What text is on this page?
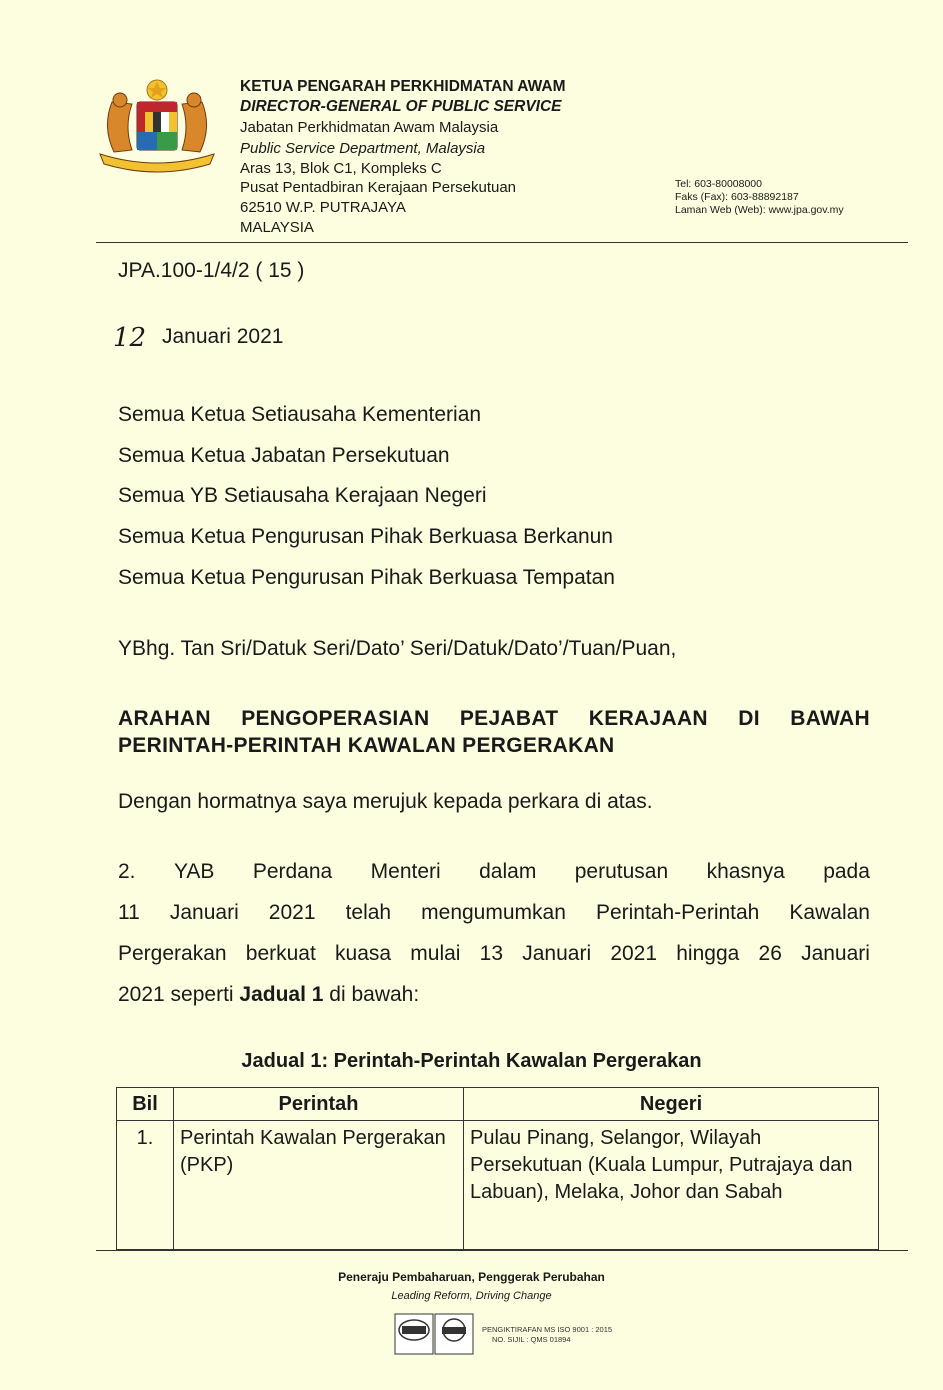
KETUA PENGARAH PERKHIDMATAN AWAM
DIRECTOR-GENERAL OF PUBLIC SERVICE
Jabatan Perkhidmatan Awam Malaysia
Public Service Department, Malaysia
Aras 13, Blok C1, Kompleks C
Pusat Pentadbiran Kerajaan Persekutuan
62510 W.P. PUTRAJAYA
MALAYSIA
Tel: 603-80008000
Faks (Fax): 603-88892187
Laman Web (Web): www.jpa.gov.my
JPA.100-1/4/2 ( 15 )
12 Januari 2021
Semua Ketua Setiausaha Kementerian
Semua Ketua Jabatan Persekutuan
Semua YB Setiausaha Kerajaan Negeri
Semua Ketua Pengurusan Pihak Berkuasa Berkanun
Semua Ketua Pengurusan Pihak Berkuasa Tempatan
YBhg. Tan Sri/Datuk Seri/Dato’ Seri/Datuk/Dato’/Tuan/Puan,
ARAHAN PENGOPERASIAN PEJABAT KERAJAAN DI BAWAH
PERINTAH-PERINTAH KAWALAN PERGERAKAN
Dengan hormatnya saya merujuk kepada perkara di atas.
2. YAB Perdana Menteri dalam perutusan khasnya pada
11 Januari 2021 telah mengumumkan Perintah-Perintah Kawalan
Pergerakan berkuat kuasa mulai 13 Januari 2021 hingga 26 Januari
2021 seperti Jadual 1 di bawah:
Jadual 1: Perintah-Perintah Kawalan Pergerakan
Bil	Perintah	Negeri
1.	Perintah Kawalan Pergerakan (PKP)	Pulau Pinang, Selangor, Wilayah Persekutuan (Kuala Lumpur, Putrajaya dan Labuan), Melaka, Johor dan Sabah
Peneraju Pembaharuan, Penggerak Perubahan
Leading Reform, Driving Change
PENGIKTIRAFAN MS ISO 9001 : 2015
NO. SIJIL : QMS 01894
